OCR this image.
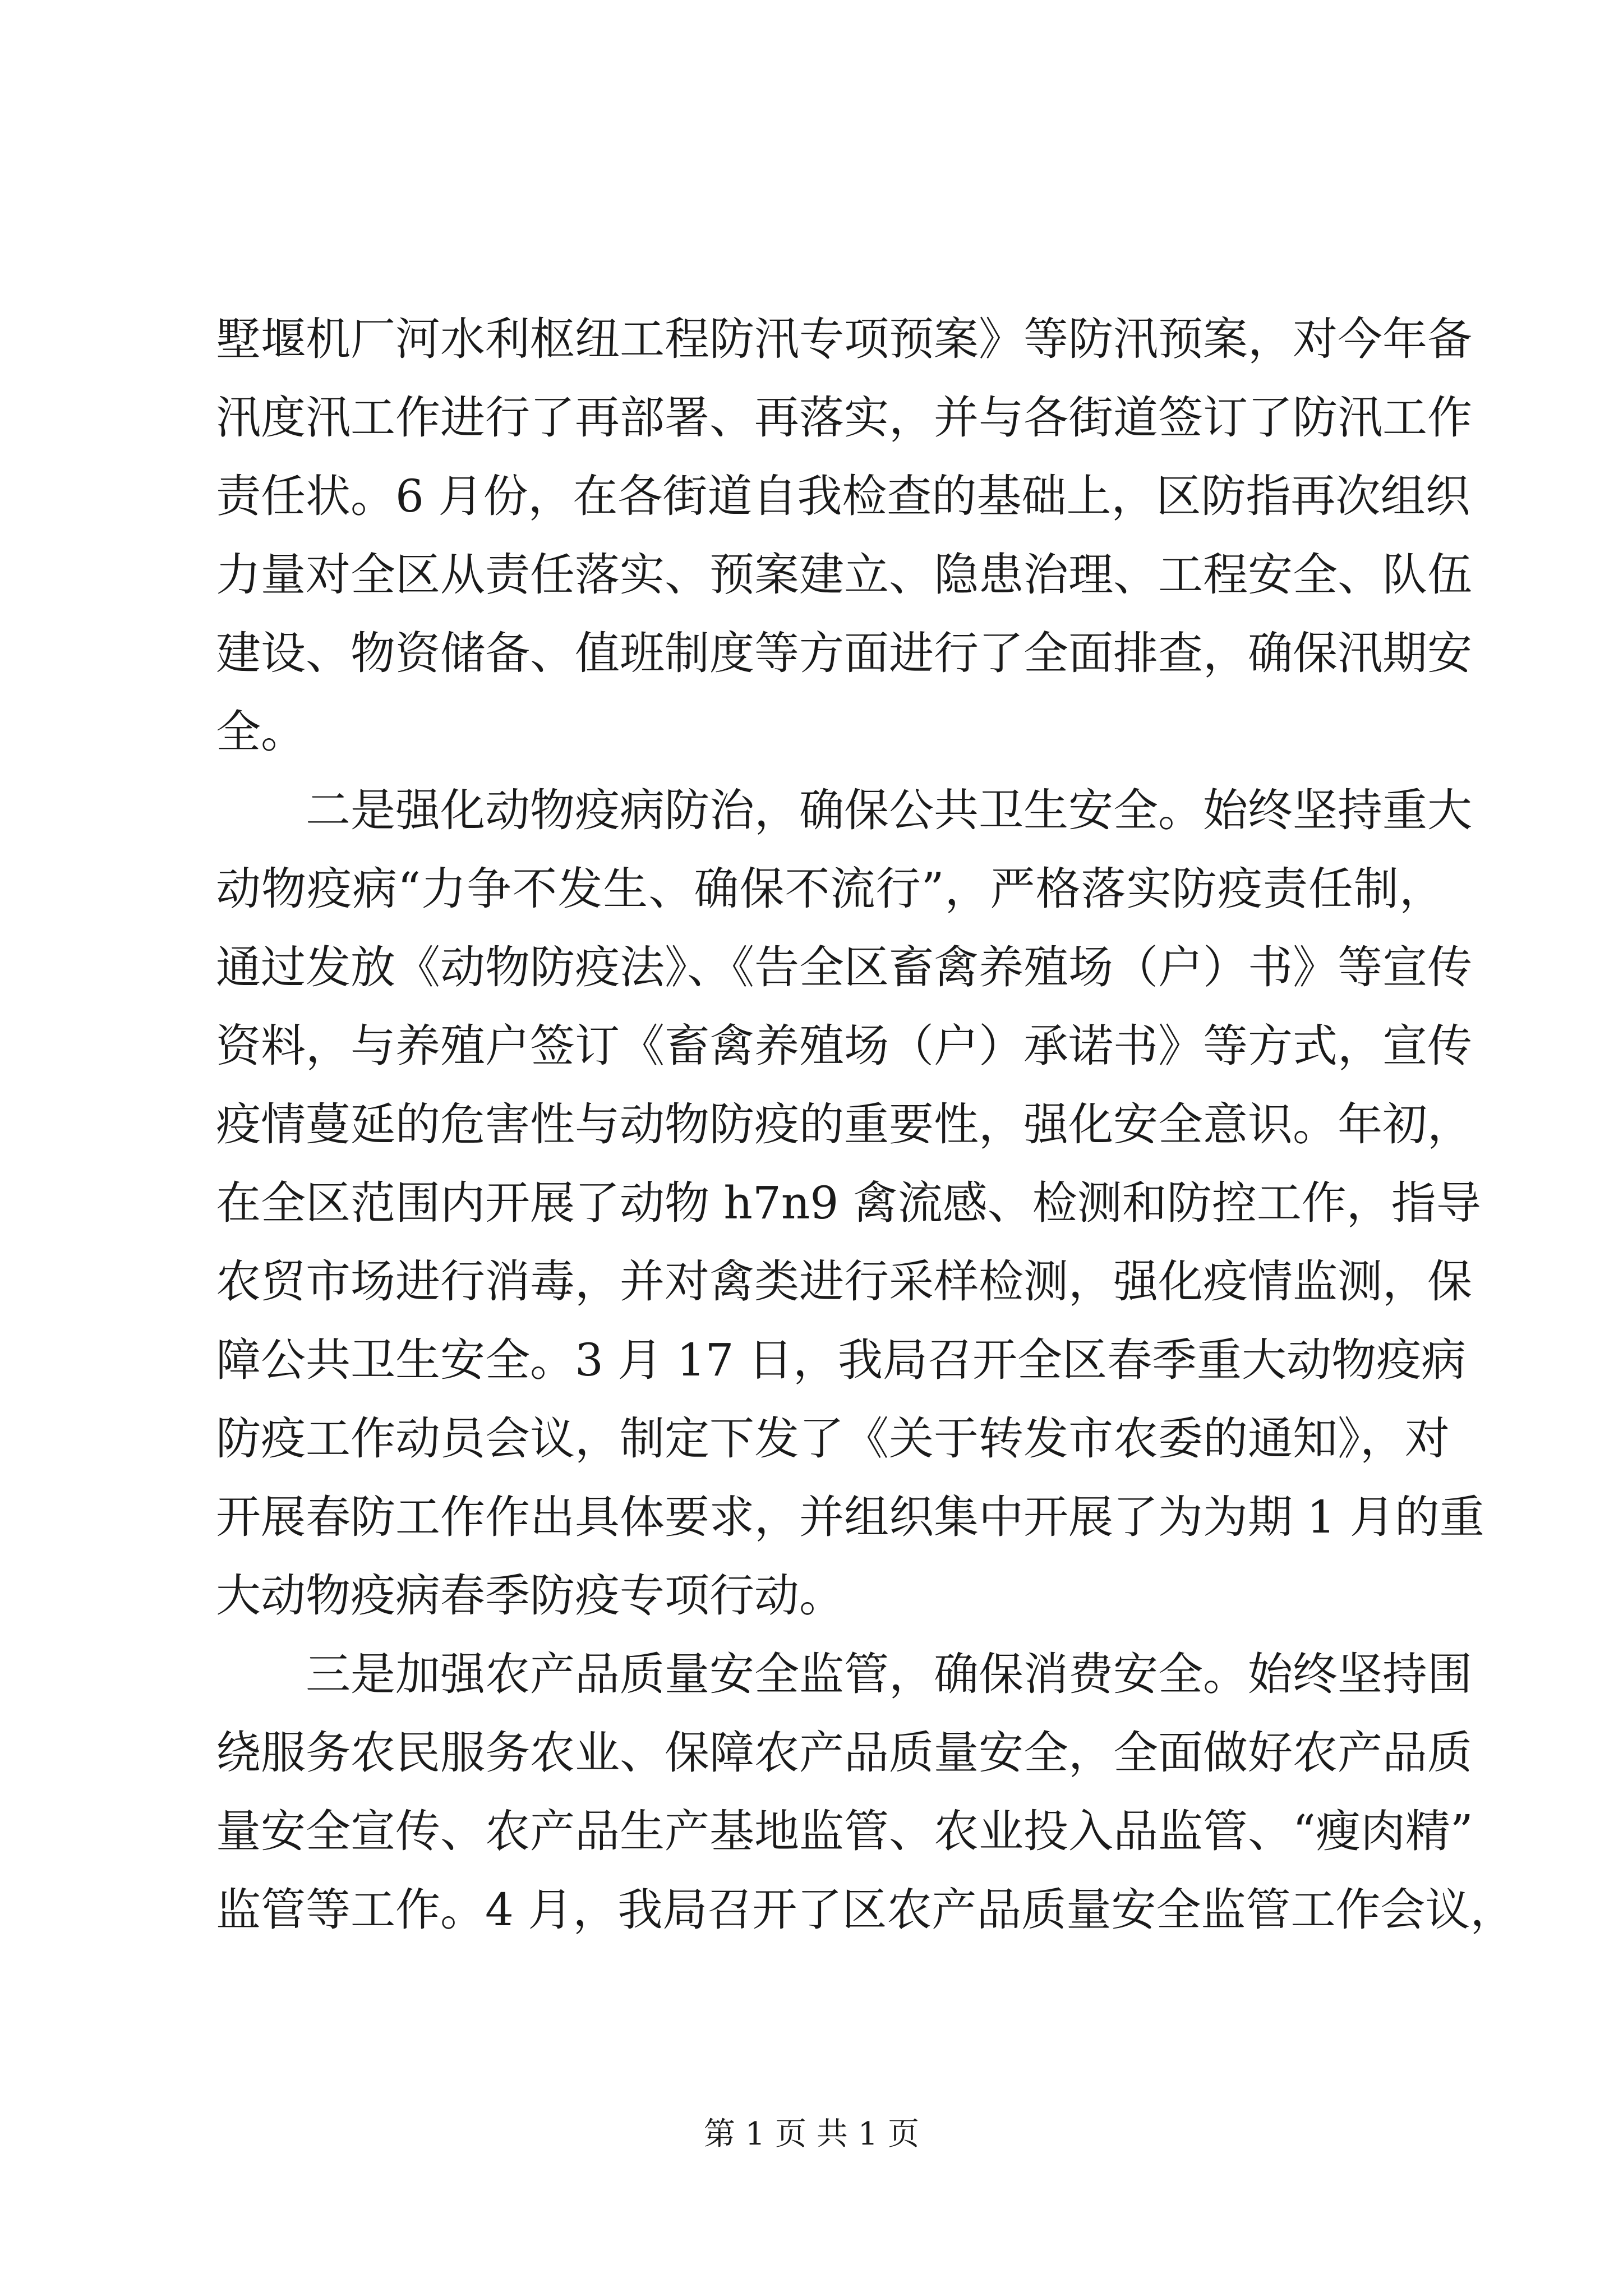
墅堰机厂河水利枢纽工程防汛专项预案》等防汛预案，对今年备
汛度汛工作进行了再部署、再落实，并与各街道签订了防汛工作
责任状。6 月份，在各街道自我检查的基础上，区防指再次组织
力量对全区从责任落实、预案建立、隐患治理、工程安全、队伍
建设、物资储备、值班制度等方面进行了全面排查，确保汛期安
全。
二是强化动物疫病防治，确保公共卫生安全。始终坚持重大
动物疫病“力争不发生、确保不流行”，严格落实防疫责任制，
通过发放《动物防疫法》、《告全区畜禽养殖场（户）书》等宣传
资料，与养殖户签订《畜禽养殖场（户）承诺书》等方式，宣传
疫情蔓延的危害性与动物防疫的重要性，强化安全意识。年初，
在全区范围内开展了动物 h7n9 禽流感、检测和防控工作，指导
农贸市场进行消毒，并对禽类进行采样检测，强化疫情监测，保
障公共卫生安全。3 月 17 日，我局召开全区春季重大动物疫病
防疫工作动员会议，制定下发了《关于转发市农委的通知》，对
开展春防工作作出具体要求，并组织集中开展了为为期 1 月的重
大动物疫病春季防疫专项行动。
三是加强农产品质量安全监管，确保消费安全。始终坚持围
绕服务农民服务农业、保障农产品质量安全，全面做好农产品质
量安全宣传、农产品生产基地监管、农业投入品监管、“瘦肉精”
监管等工作。4 月，我局召开了区农产品质量安全监管工作会议，
第 1 页 共 1 页
